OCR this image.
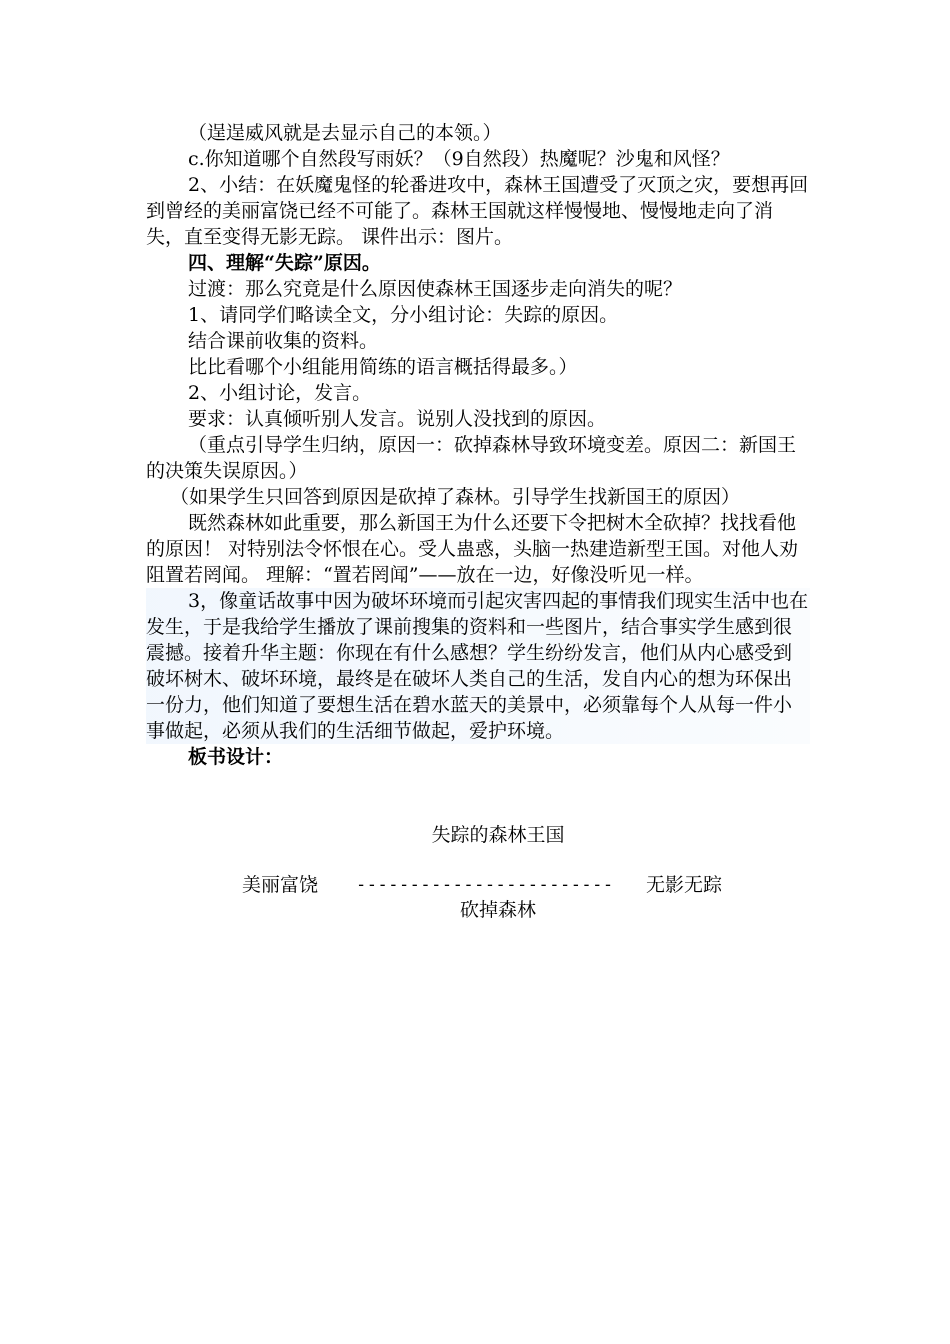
（逞逞威风就是去显示自己的本领。）

c.你知道哪个自然段写雨妖？（9自然段）热魔呢？沙鬼和风怪？

2、小结：在妖魔鬼怪的轮番进攻中，森林王国遭受了灭顶之灾，要想再回到曾经的美丽富饶已经不可能了。森林王国就这样慢慢地、慢慢地走向了消失，直至变得无影无踪。 课件出示：图片。

四、理解“失踪”原因。

过渡：那么究竟是什么原因使森林王国逐步走向消失的呢？

1、请同学们略读全文，分小组讨论：失踪的原因。

结合课前收集的资料。

比比看哪个小组能用简练的语言概括得最多。）

2、小组讨论，发言。

要求：认真倾听别人发言。说别人没找到的原因。

（重点引导学生归纳，原因一：砍掉森林导致环境变差。原因二：新国王的决策失误原因。）

（如果学生只回答到原因是砍掉了森林。引导学生找新国王的原因）

既然森林如此重要，那么新国王为什么还要下令把树木全砍掉？找找看他的原因！ 对特别法令怀恨在心。受人蛊惑，头脑一热建造新型王国。对他人劝阻置若罔闻。 理解：“置若罔闻”——放在一边，好像没听见一样。

3，像童话故事中因为破坏环境而引起灾害四起的事情我们现实生活中也在发生，于是我给学生播放了课前搜集的资料和一些图片，结合事实学生感到很震撼。接着升华主题：你现在有什么感想？学生纷纷发言，他们从内心感受到破坏树木、破坏环境，最终是在破坏人类自己的生活，发自内心的想为环保出一份力，他们知道了要想生活在碧水蓝天的美景中，必须靠每个人从每一件小事做起，必须从我们的生活细节做起，爱护环境。

板书设计：

失踪的森林王国
美丽富饶 ------------------------ 无影无踪
砍掉森林
